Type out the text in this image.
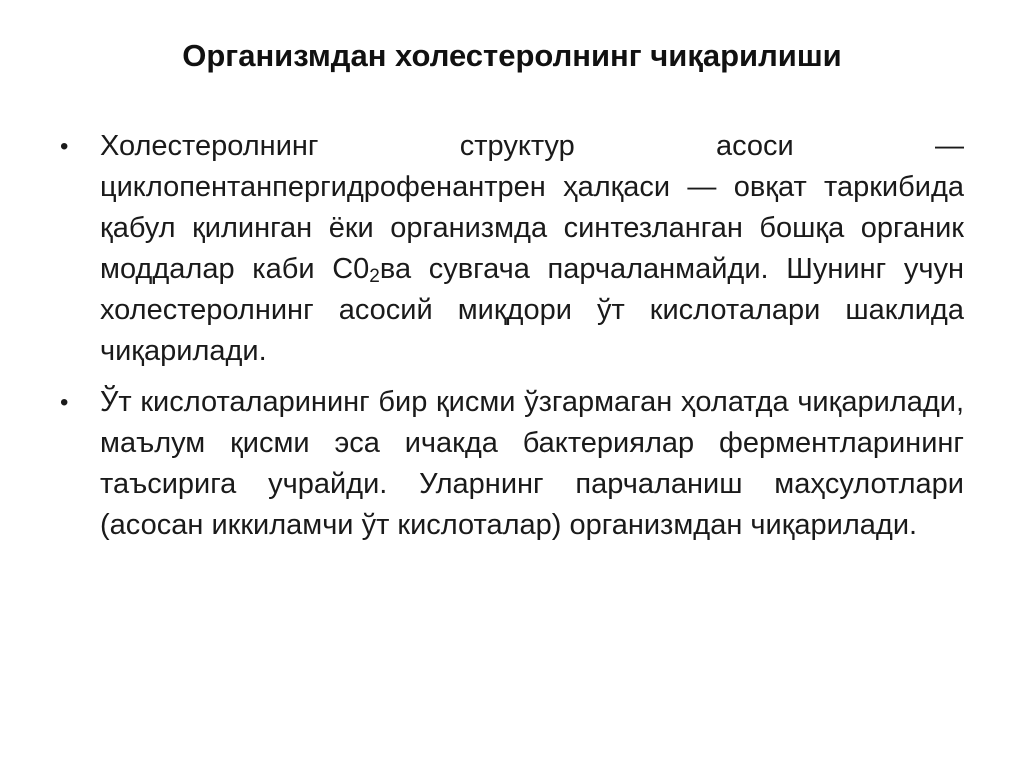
Организмдан холестеролнинг чиқарилиши
•	Холестеролнинг структур асоси — циклопентанпергидрофенантрен ҳалқаси — овқат таркибида қабул қилинган ёки организмда синтезланган бошқа органик моддалар каби $С0_2ва$ сувгача парчаланмайди. Шунинг учун холестеролнинг асосий миқдори ўт кислоталари шаклида чиқарилади.
•	Ўт кислоталарининг бир қисми ўзгармаган ҳолатда чиқарилади, маълум қисми эса ичакда бактериялар ферментларининг таъсирига учрайди. Уларнинг парчаланиш маҳсулотлари (асосан иккиламчи ўт кислоталар) организмдан чиқарилади.
